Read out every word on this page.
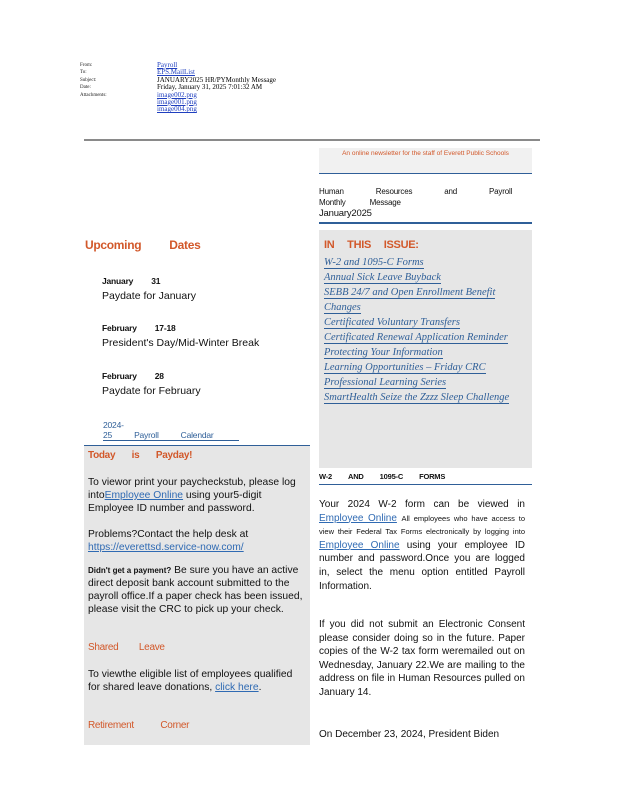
From:	Payroll
To:	EPS.MailList
Subject:	JANUARY2025 HR/PYMonthly Message
Date:	Friday, January 31, 2025 7:01:32 AM
Attachments:	image002.png
image001.png
image004.png
An online newsletter for the staff of Everett Public Schools
Human Resources and Payroll
Monthly Message
January2025
Upcoming Dates
January 31
Paydate for January
February 17-18
President's Day/Mid-Winter Break
February 28
Paydate for February
2024-25	Payroll	Calendar
Today is Payday!
To viewor print your paycheckstub, please log intoEmployee Online using your5-digit Employee ID number and password.
Problems?Contact the help desk at
https://everettsd.service-now.com/
Didn't get a payment? Be sure you have an active direct deposit bank account submitted to the payroll office.If a paper check has been issued, please visit the CRC to pick up your check.
Shared Leave
To viewthe eligible list of employees qualified for shared leave donations, click here.
Retirement Corner
IN THIS ISSUE:
W-2 and 1095-C Forms
Annual Sick Leave Buyback
SEBB 24/7 and Open Enrollment Benefit Changes
Certificated Voluntary Transfers
Certificated Renewal Application Reminder
Protecting Your Information
Learning Opportunities – Friday CRC Professional Learning Series
SmartHealth Seize the Zzzz Sleep Challenge
W-2 AND 1095-C FORMS
Your 2024 W-2 form can be viewed in Employee Online All employees who have access to view their Federal Tax Forms electronically by logging into Employee Online using your employee ID number and password.Once you are logged in, select the menu option entitled Payroll Information.
If you did not submit an Electronic Consent please consider doing so in the future. Paper copies of the W-2 tax form weremailed out on Wednesday, January 22.We are mailing to the address on file in Human Resources pulled on January 14.
On December 23, 2024, President Biden
